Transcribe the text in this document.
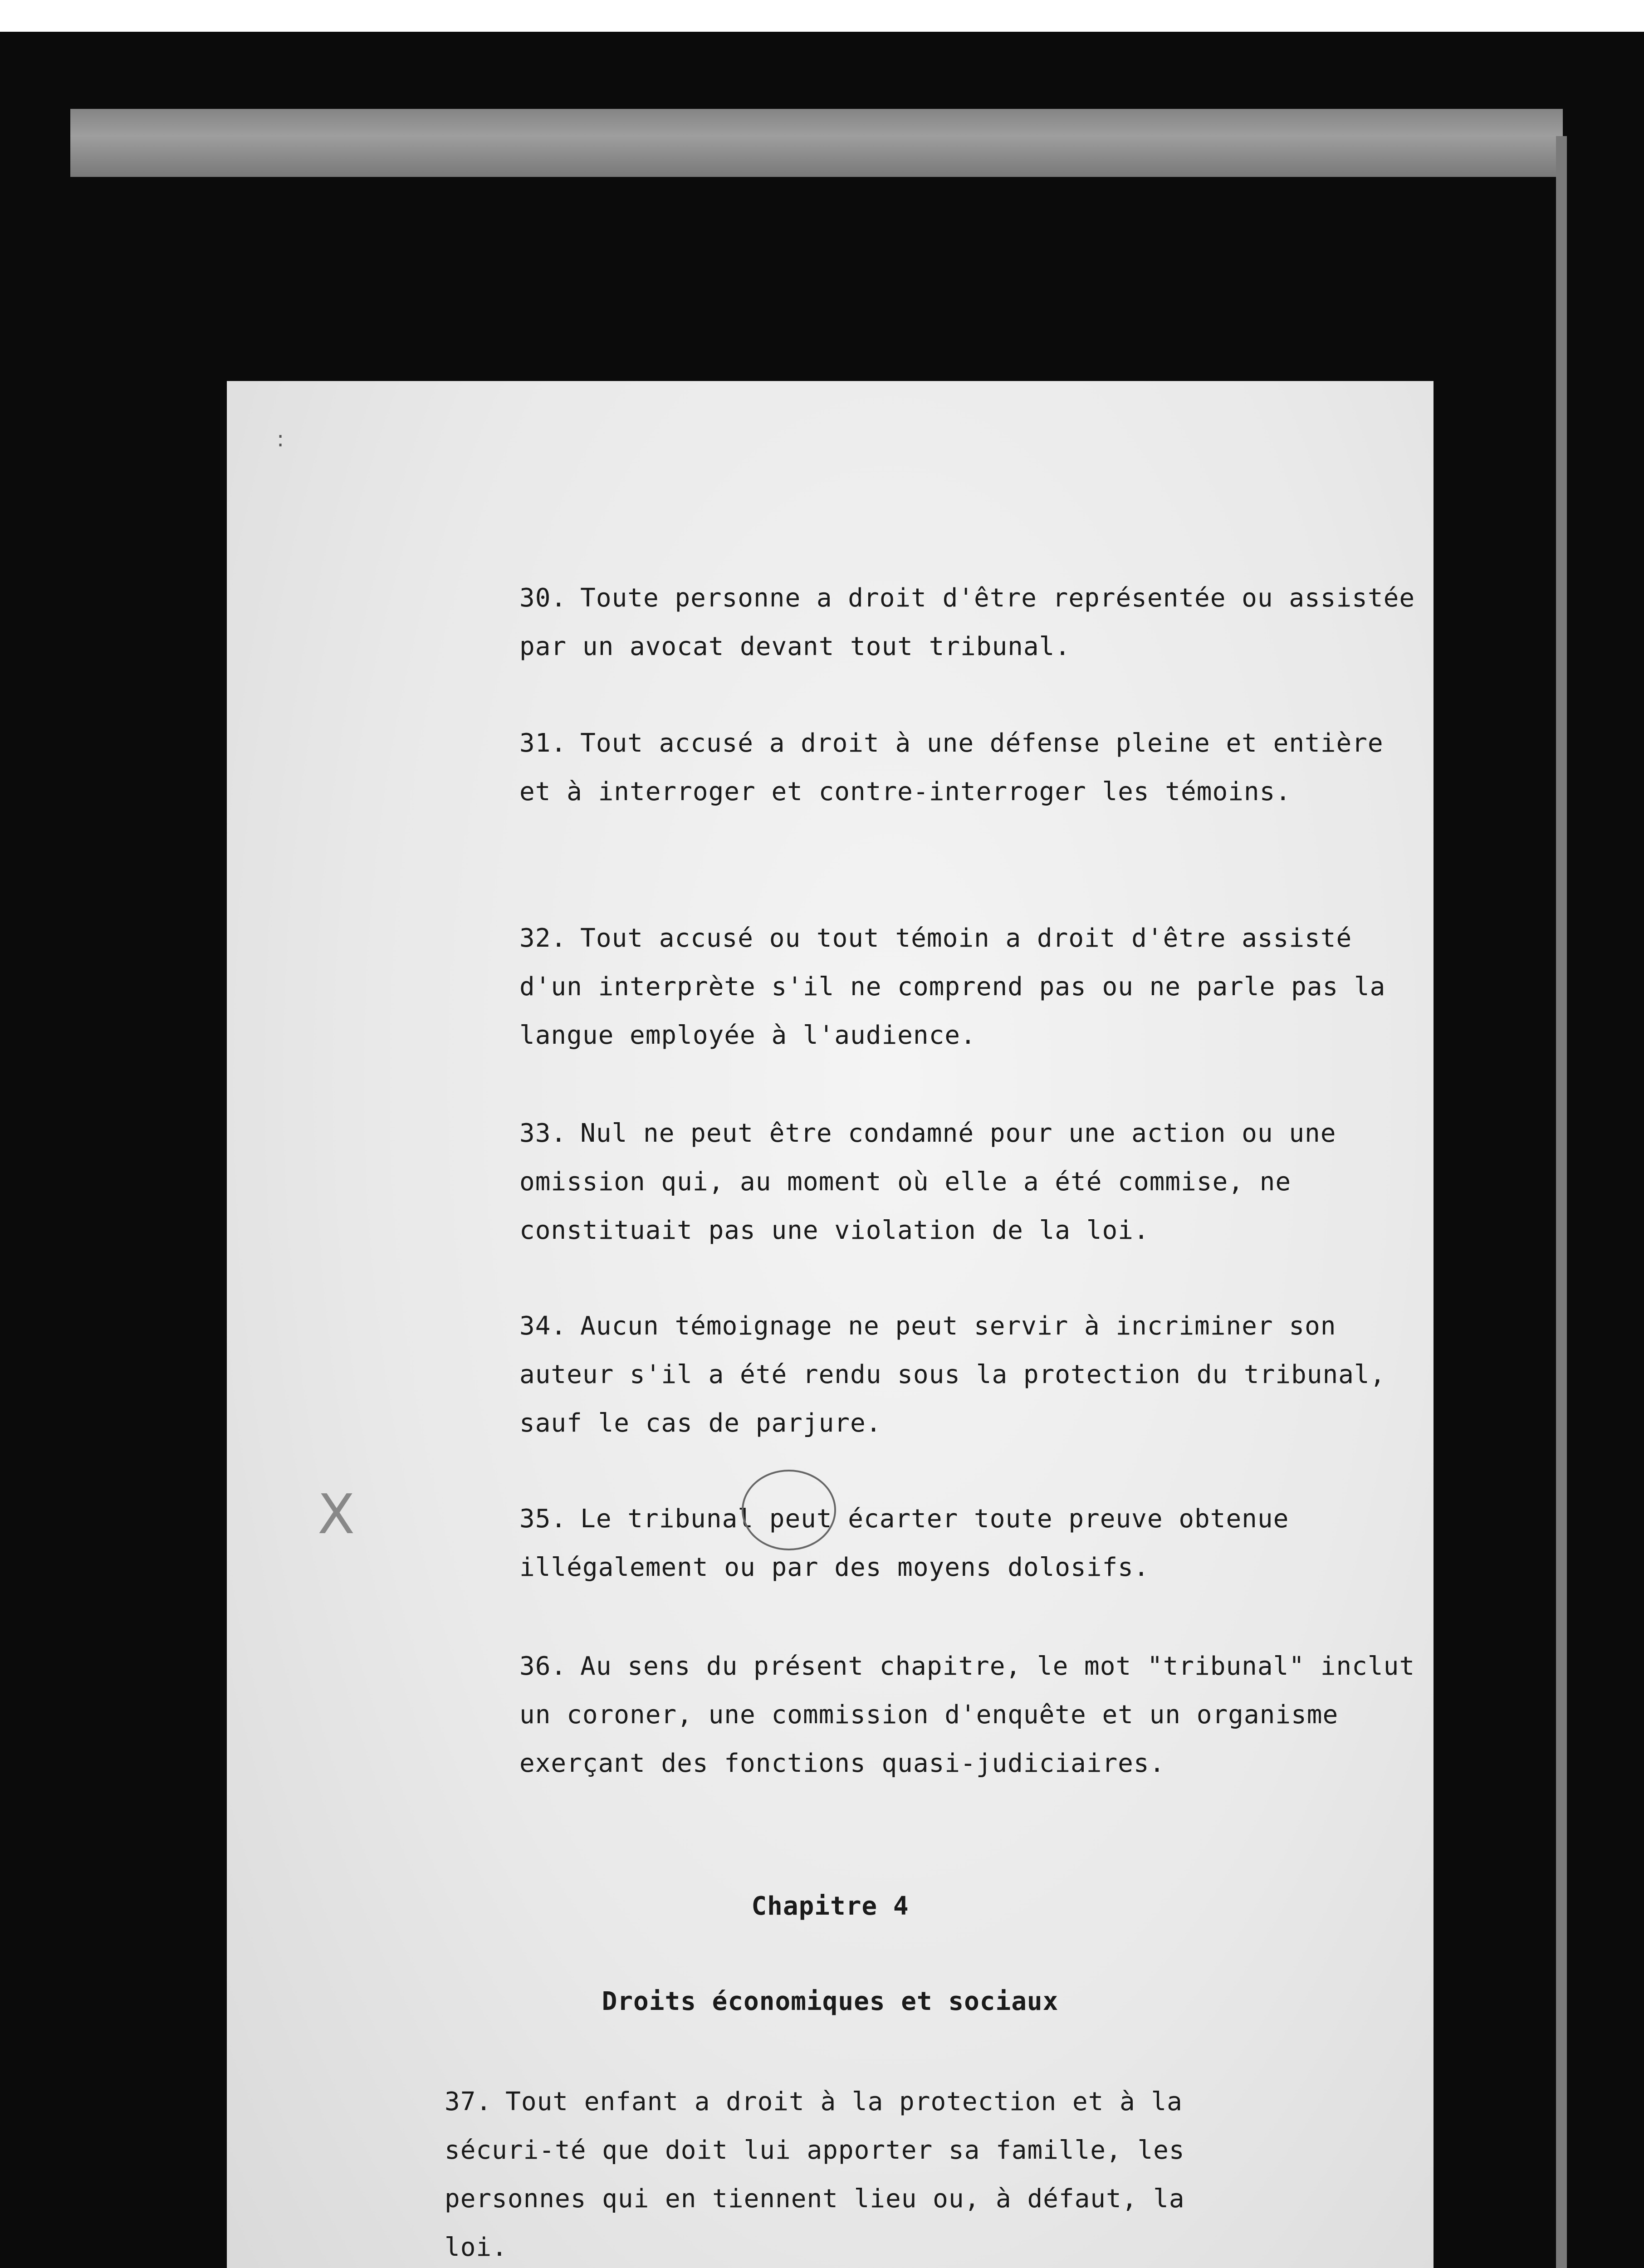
:

30. Toute personne a droit d'être représentée ou assistée par un avocat devant tout tribunal.

31. Tout accusé a droit à une défense pleine et entière et à interroger et contre-interroger les témoins.

32. Tout accusé ou tout témoin a droit d'être assisté d'un interprète s'il ne comprend pas ou ne parle pas la langue employée à l'audience.

33. Nul ne peut être condamné pour une action ou une omission qui, au moment où elle a été commise, ne constituait pas une violation de la loi.

34. Aucun témoignage ne peut servir à incriminer son auteur s'il a été rendu sous la protection du tribunal, sauf le cas de parjure.

35. Le tribunal peut écarter toute preuve obtenue illégalement ou par des moyens dolosifs.

36. Au sens du présent chapitre, le mot "tribunal" inclut un coroner, une commission d'enquête et un organisme exerçant des fonctions quasi-judiciaires.

Chapitre 4
Droits économiques et sociaux

37. Tout enfant a droit à la protection et à la sécuri-té que doit lui apporter sa famille, les personnes qui en tiennent lieu ou, à défaut, la loi.

X
